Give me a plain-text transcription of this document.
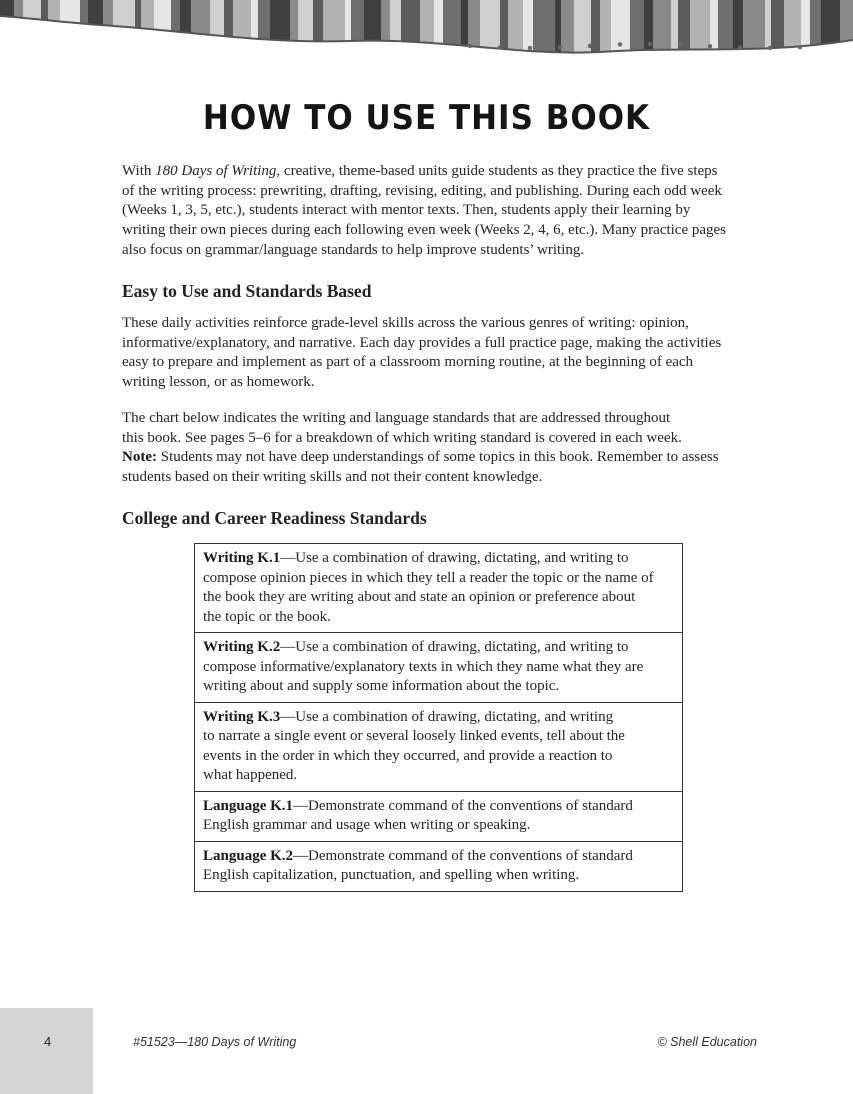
HOW TO USE THIS BOOK

With 180 Days of Writing, creative, theme-based units guide students as they practice the five steps
of the writing process: prewriting, drafting, revising, editing, and publishing. During each odd week
(Weeks 1, 3, 5, etc.), students interact with mentor texts. Then, students apply their learning by
writing their own pieces during each following even week (Weeks 2, 4, 6, etc.). Many practice pages
also focus on grammar/language standards to help improve students’ writing.

Easy to Use and Standards Based

These daily activities reinforce grade-level skills across the various genres of writing: opinion,
informative/explanatory, and narrative. Each day provides a full practice page, making the activities
easy to prepare and implement as part of a classroom morning routine, at the beginning of each
writing lesson, or as homework.

The chart below indicates the writing and language standards that are addressed throughout
this book. See pages 5–6 for a breakdown of which writing standard is covered in each week.
Note: Students may not have deep understandings of some topics in this book. Remember to assess
students based on their writing skills and not their content knowledge.

College and Career Readiness Standards
Writing K.1—Use a combination of drawing, dictating, and writing to
compose opinion pieces in which they tell a reader the topic or the name of
the book they are writing about and state an opinion or preference about
the topic or the book.
Writing K.2—Use a combination of drawing, dictating, and writing to
compose informative/explanatory texts in which they name what they are
writing about and supply some information about the topic.
Writing K.3—Use a combination of drawing, dictating, and writing
to narrate a single event or several loosely linked events, tell about the
events in the order in which they occurred, and provide a reaction to
what happened.
Language K.1—Demonstrate command of the conventions of standard
English grammar and usage when writing or speaking.
Language K.2—Demonstrate command of the conventions of standard
English capitalization, punctuation, and spelling when writing.
4	#51523—180 Days of Writing	© Shell Education
